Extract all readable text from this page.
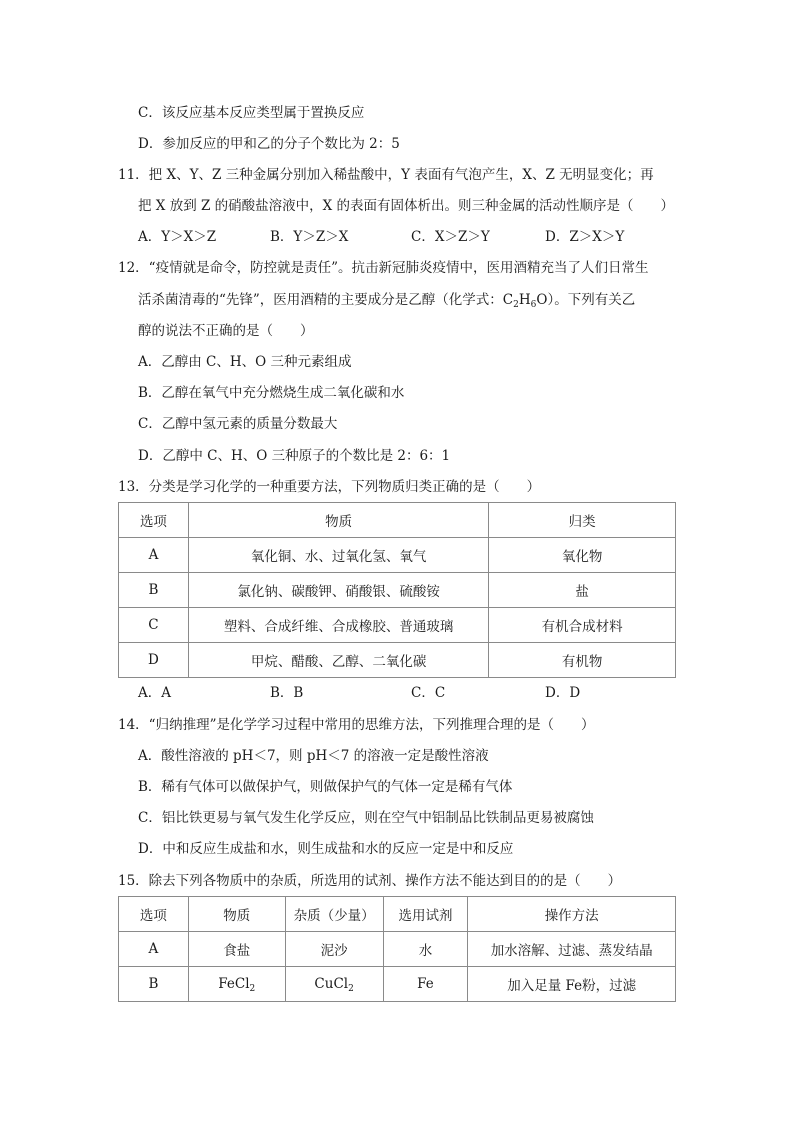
C．该反应基本反应类型属于置换反应
D．参加反应的甲和乙的分子个数比为 2：5
11．把 X、Y、Z 三种金属分别加入稀盐酸中，Y 表面有气泡产生，X、Z 无明显变化；再
把 X 放到 Z 的硝酸盐溶液中，X 的表面有固体析出。则三种金属的活动性顺序是（　　）
A．Y＞X＞Z	B．Y＞Z＞X	C．X＞Z＞Y	D．Z＞X＞Y
12．“疫情就是命令，防控就是责任”。抗击新冠肺炎疫情中，医用酒精充当了人们日常生
活杀菌清毒的“先锋”，医用酒精的主要成分是乙醇（化学式：$C_2H_6O$）。下列有关乙
醇的说法不正确的是（　　）
A．乙醇由 C、H、O 三种元素组成
B．乙醇在氧气中充分燃烧生成二氧化碳和水
C．乙醇中氢元素的质量分数最大
D．乙醇中 C、H、O 三种原子的个数比是 2：6：1
13．分类是学习化学的一种重要方法，下列物质归类正确的是（　　）
选项	物质	归类
A	氧化铜、水、过氧化氢、氧气	氧化物
B	氯化钠、碳酸钾、硝酸银、硫酸铵	盐
C	塑料、合成纤维、合成橡胶、普通玻璃	有机合成材料
D	甲烷、醋酸、乙醇、二氧化碳	有机物
A．A	B．B	C．C	D．D
14．“归纳推理”是化学学习过程中常用的思维方法，下列推理合理的是（　　）
A．酸性溶液的 pH＜7，则 pH＜7 的溶液一定是酸性溶液
B．稀有气体可以做保护气，则做保护气的气体一定是稀有气体
C．铝比铁更易与氧气发生化学反应，则在空气中铝制品比铁制品更易被腐蚀
D．中和反应生成盐和水，则生成盐和水的反应一定是中和反应
15．除去下列各物质中的杂质，所选用的试剂、操作方法不能达到目的的是（　　）
选项	物质	杂质（少量）	选用试剂	操作方法
A	食盐	泥沙	水	加水溶解、过滤、蒸发结晶
B	FeCl$_2$	CuCl$_2$	Fe	加入足量 Fe粉，过滤
